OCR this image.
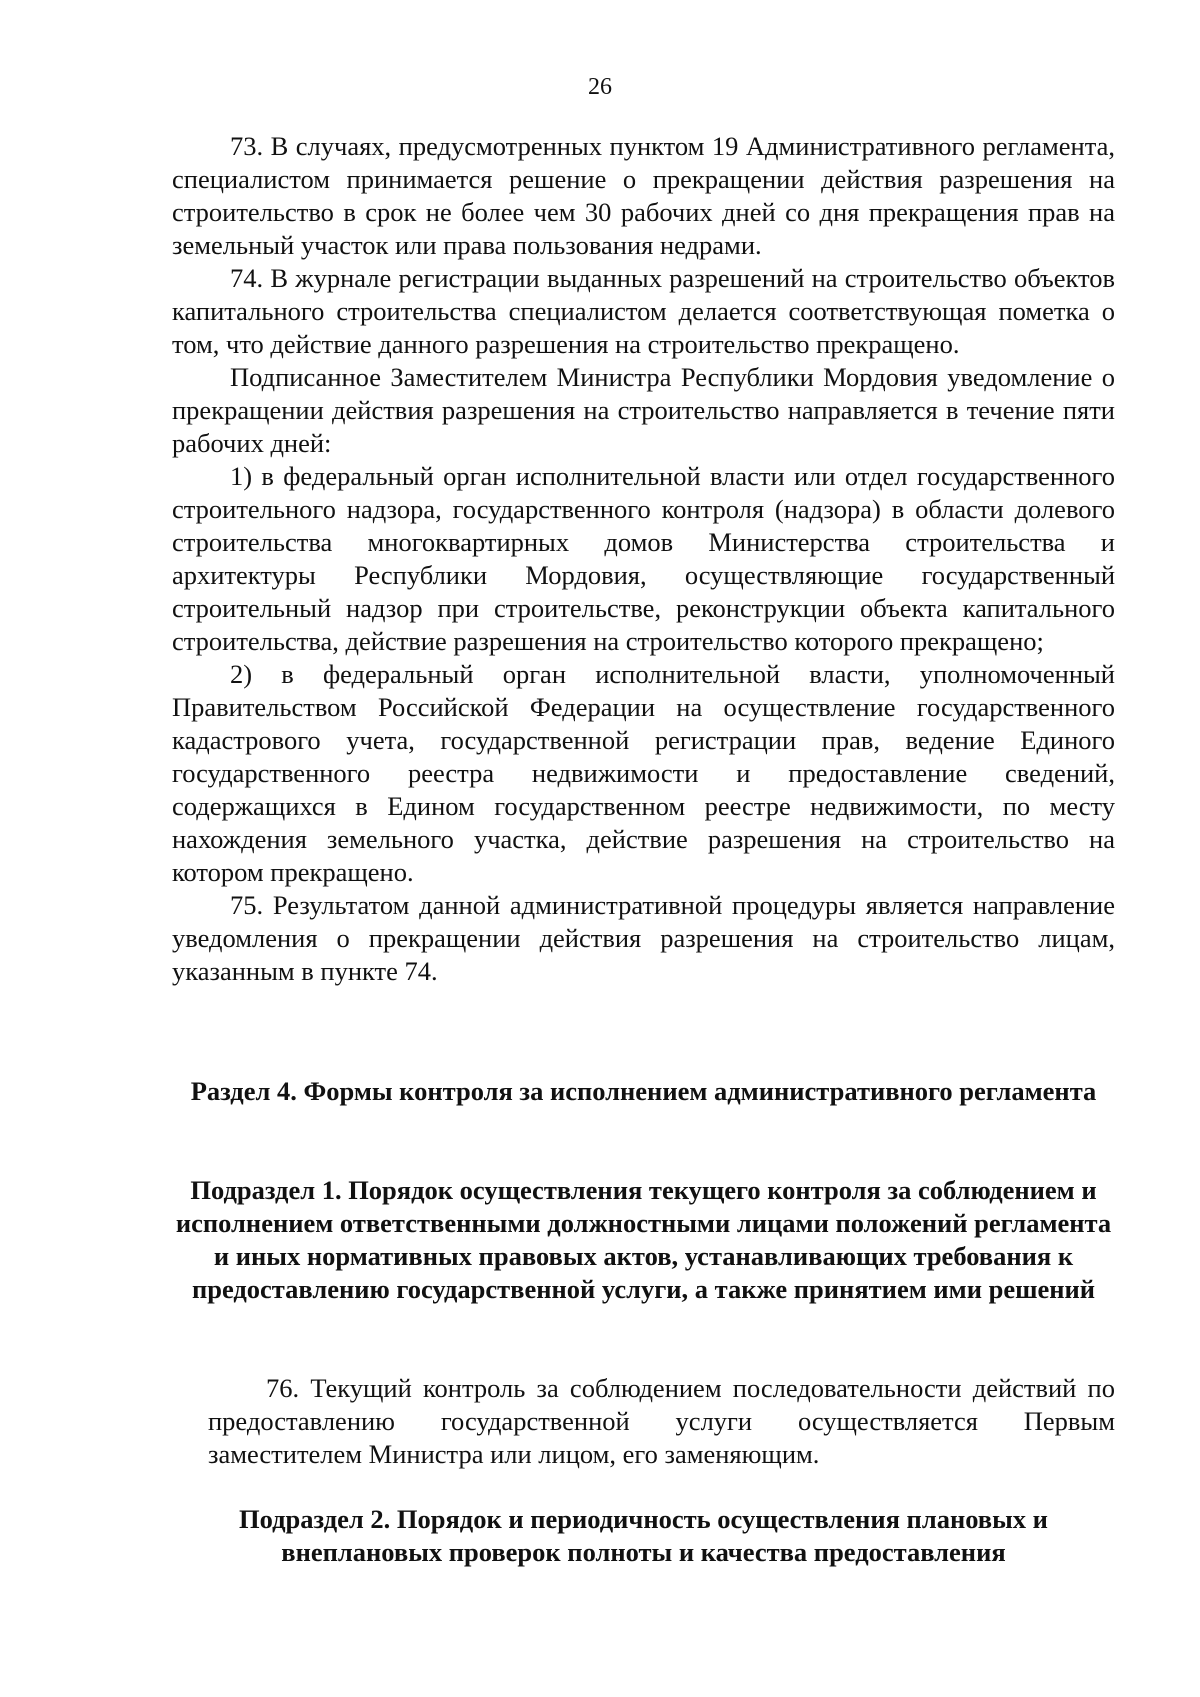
26

73. В случаях, предусмотренных пунктом 19 Административного регламента, специалистом принимается решение о прекращении действия разрешения на строительство в срок не более чем 30 рабочих дней со дня прекращения прав на земельный участок или права пользования недрами.

74. В журнале регистрации выданных разрешений на строительство объектов капитального строительства специалистом делается соответствующая пометка о том, что действие данного разрешения на строительство прекращено.

Подписанное Заместителем Министра Республики Мордовия уведомление о прекращении действия разрешения на строительство направляется в течение пяти рабочих дней:

1) в федеральный орган исполнительной власти или отдел государственного строительного надзора, государственного контроля (надзора) в области долевого строительства многоквартирных домов Министерства строительства и архитектуры Республики Мордовия, осуществляющие государственный строительный надзор при строительстве, реконструкции объекта капитального строительства, действие разрешения на строительство которого прекращено;

2) в федеральный орган исполнительной власти, уполномоченный Правительством Российской Федерации на осуществление государственного кадастрового учета, государственной регистрации прав, ведение Единого государственного реестра недвижимости и предоставление сведений, содержащихся в Едином государственном реестре недвижимости, по месту нахождения земельного участка, действие разрешения на строительство на котором прекращено.

75. Результатом данной административной процедуры является направление уведомления о прекращении действия разрешения на строительство лицам, указанным в пункте 74.

Раздел 4. Формы контроля за исполнением административного регламента
Подраздел 1. Порядок осуществления текущего контроля за соблюдением и исполнением ответственными должностными лицами положений регламента и иных нормативных правовых актов, устанавливающих требования к предоставлению государственной услуги, а также принятием ими решений

76. Текущий контроль за соблюдением последовательности действий по предоставлению государственной услуги осуществляется Первым заместителем Министра или лицом, его заменяющим.

Подраздел 2. Порядок и периодичность осуществления плановых и внеплановых проверок полноты и качества предоставления
